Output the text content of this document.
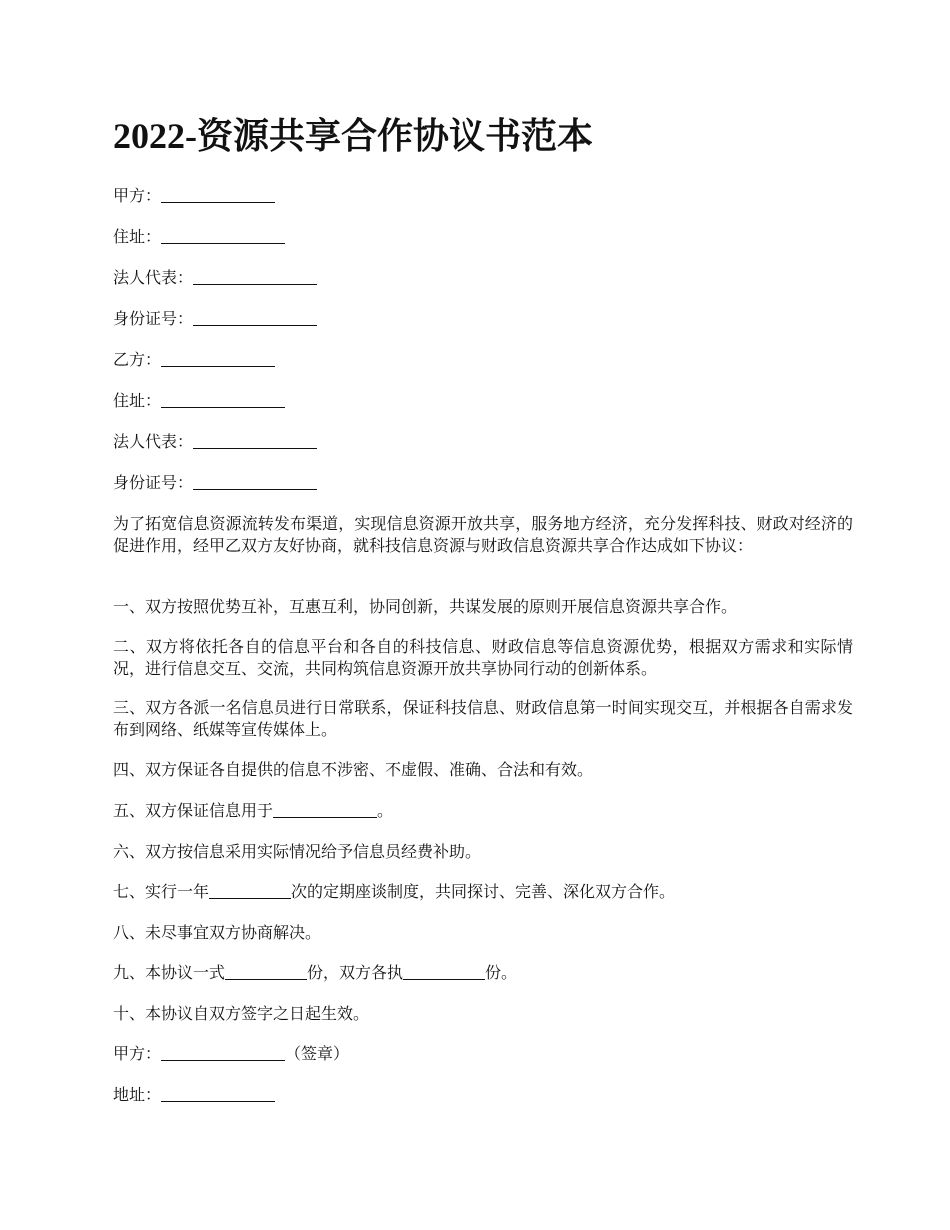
2022-资源共享合作协议书范本
甲方：
住址：
法人代表：
身份证号：
乙方：
住址：
法人代表：
身份证号：
为了拓宽信息资源流转发布渠道，实现信息资源开放共享，服务地方经济，充分发挥科技、财政对经济的促进作用，经甲乙双方友好协商，就科技信息资源与财政信息资源共享合作达成如下协议：
一、双方按照优势互补，互惠互利，协同创新，共谋发展的原则开展信息资源共享合作。
二、双方将依托各自的信息平台和各自的科技信息、财政信息等信息资源优势，根据双方需求和实际情况，进行信息交互、交流，共同构筑信息资源开放共享协同行动的创新体系。
三、双方各派一名信息员进行日常联系，保证科技信息、财政信息第一时间实现交互，并根据各自需求发布到网络、纸媒等宣传媒体上。
四、双方保证各自提供的信息不涉密、不虚假、准确、合法和有效。
五、双方保证信息用于	。
六、双方按信息采用实际情况给予信息员经费补助。
七、实行一年	次的定期座谈制度，共同探讨、完善、深化双方合作。
八、未尽事宜双方协商解决。
九、本协议一式	份，双方各执	份。
十、本协议自双方签字之日起生效。
甲方：	（签章）
地址：
